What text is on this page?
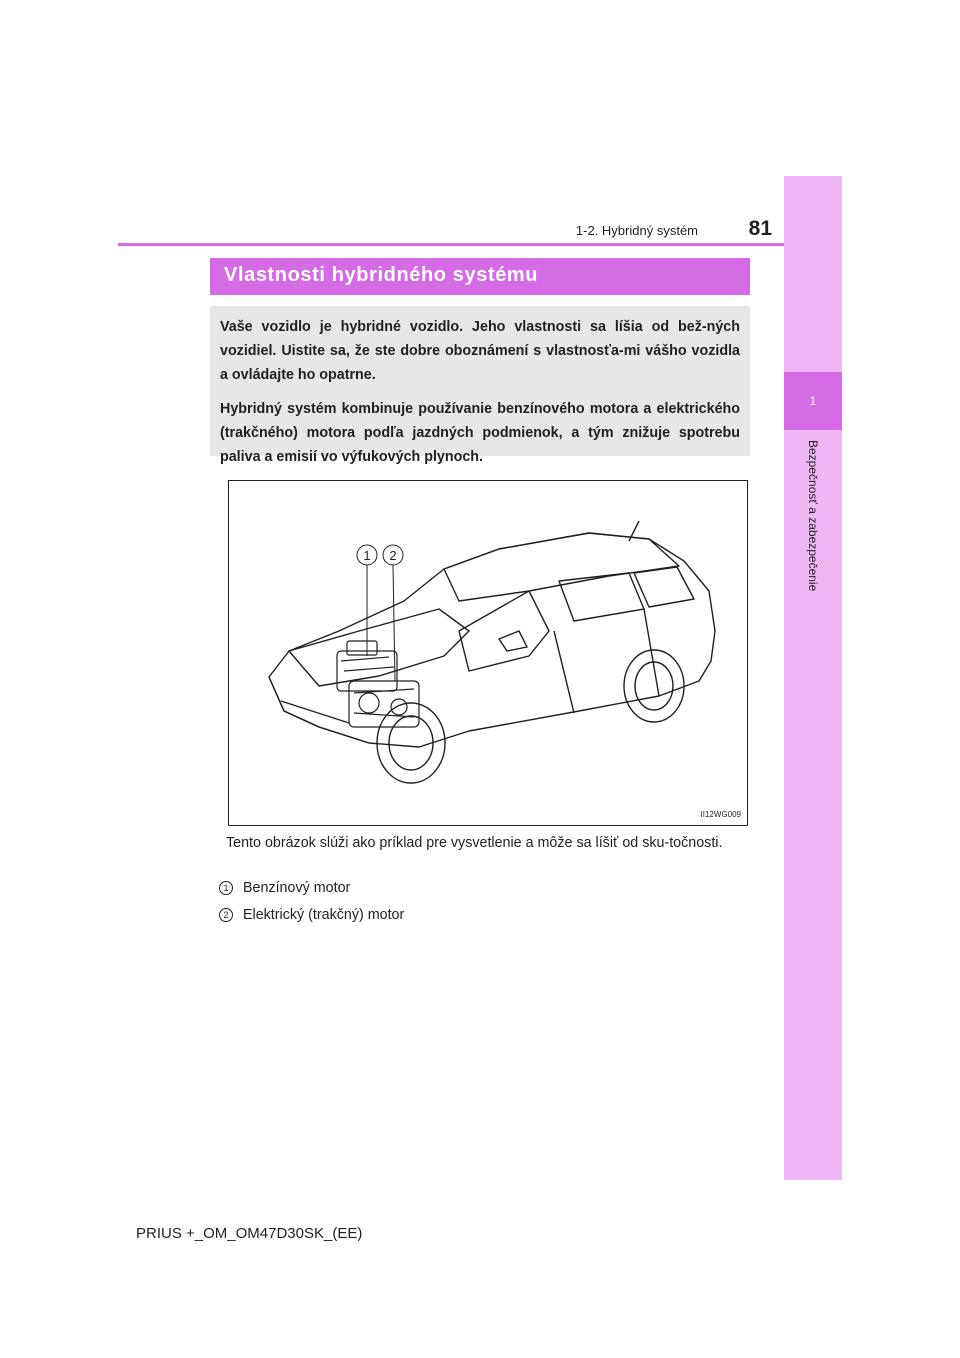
1
Bezpečnosť a zabezpečenie
1-2. Hybridný systém	81
Vlastnosti hybridného systému

Vaše vozidlo je hybridné vozidlo. Jeho vlastnosti sa líšia od bež-ných vozidiel. Uistite sa, že ste dobre oboznámení s vlastnosťa-mi vášho vozidla a ovládajte ho opatrne.

Hybridný systém kombinuje používanie benzínového motora a elektrického (trakčného) motora podľa jazdných podmienok, a tým znižuje spotrebu paliva a emisií vo výfukových plynoch.

1 2
II12WG009
Tento obrázok slúži ako príklad pre vysvetlenie a môže sa líšiť od sku-točnosti.
1 Benzínový motor
2 Elektrický (trakčný) motor
PRIUS +_OM_OM47D30SK_(EE)
